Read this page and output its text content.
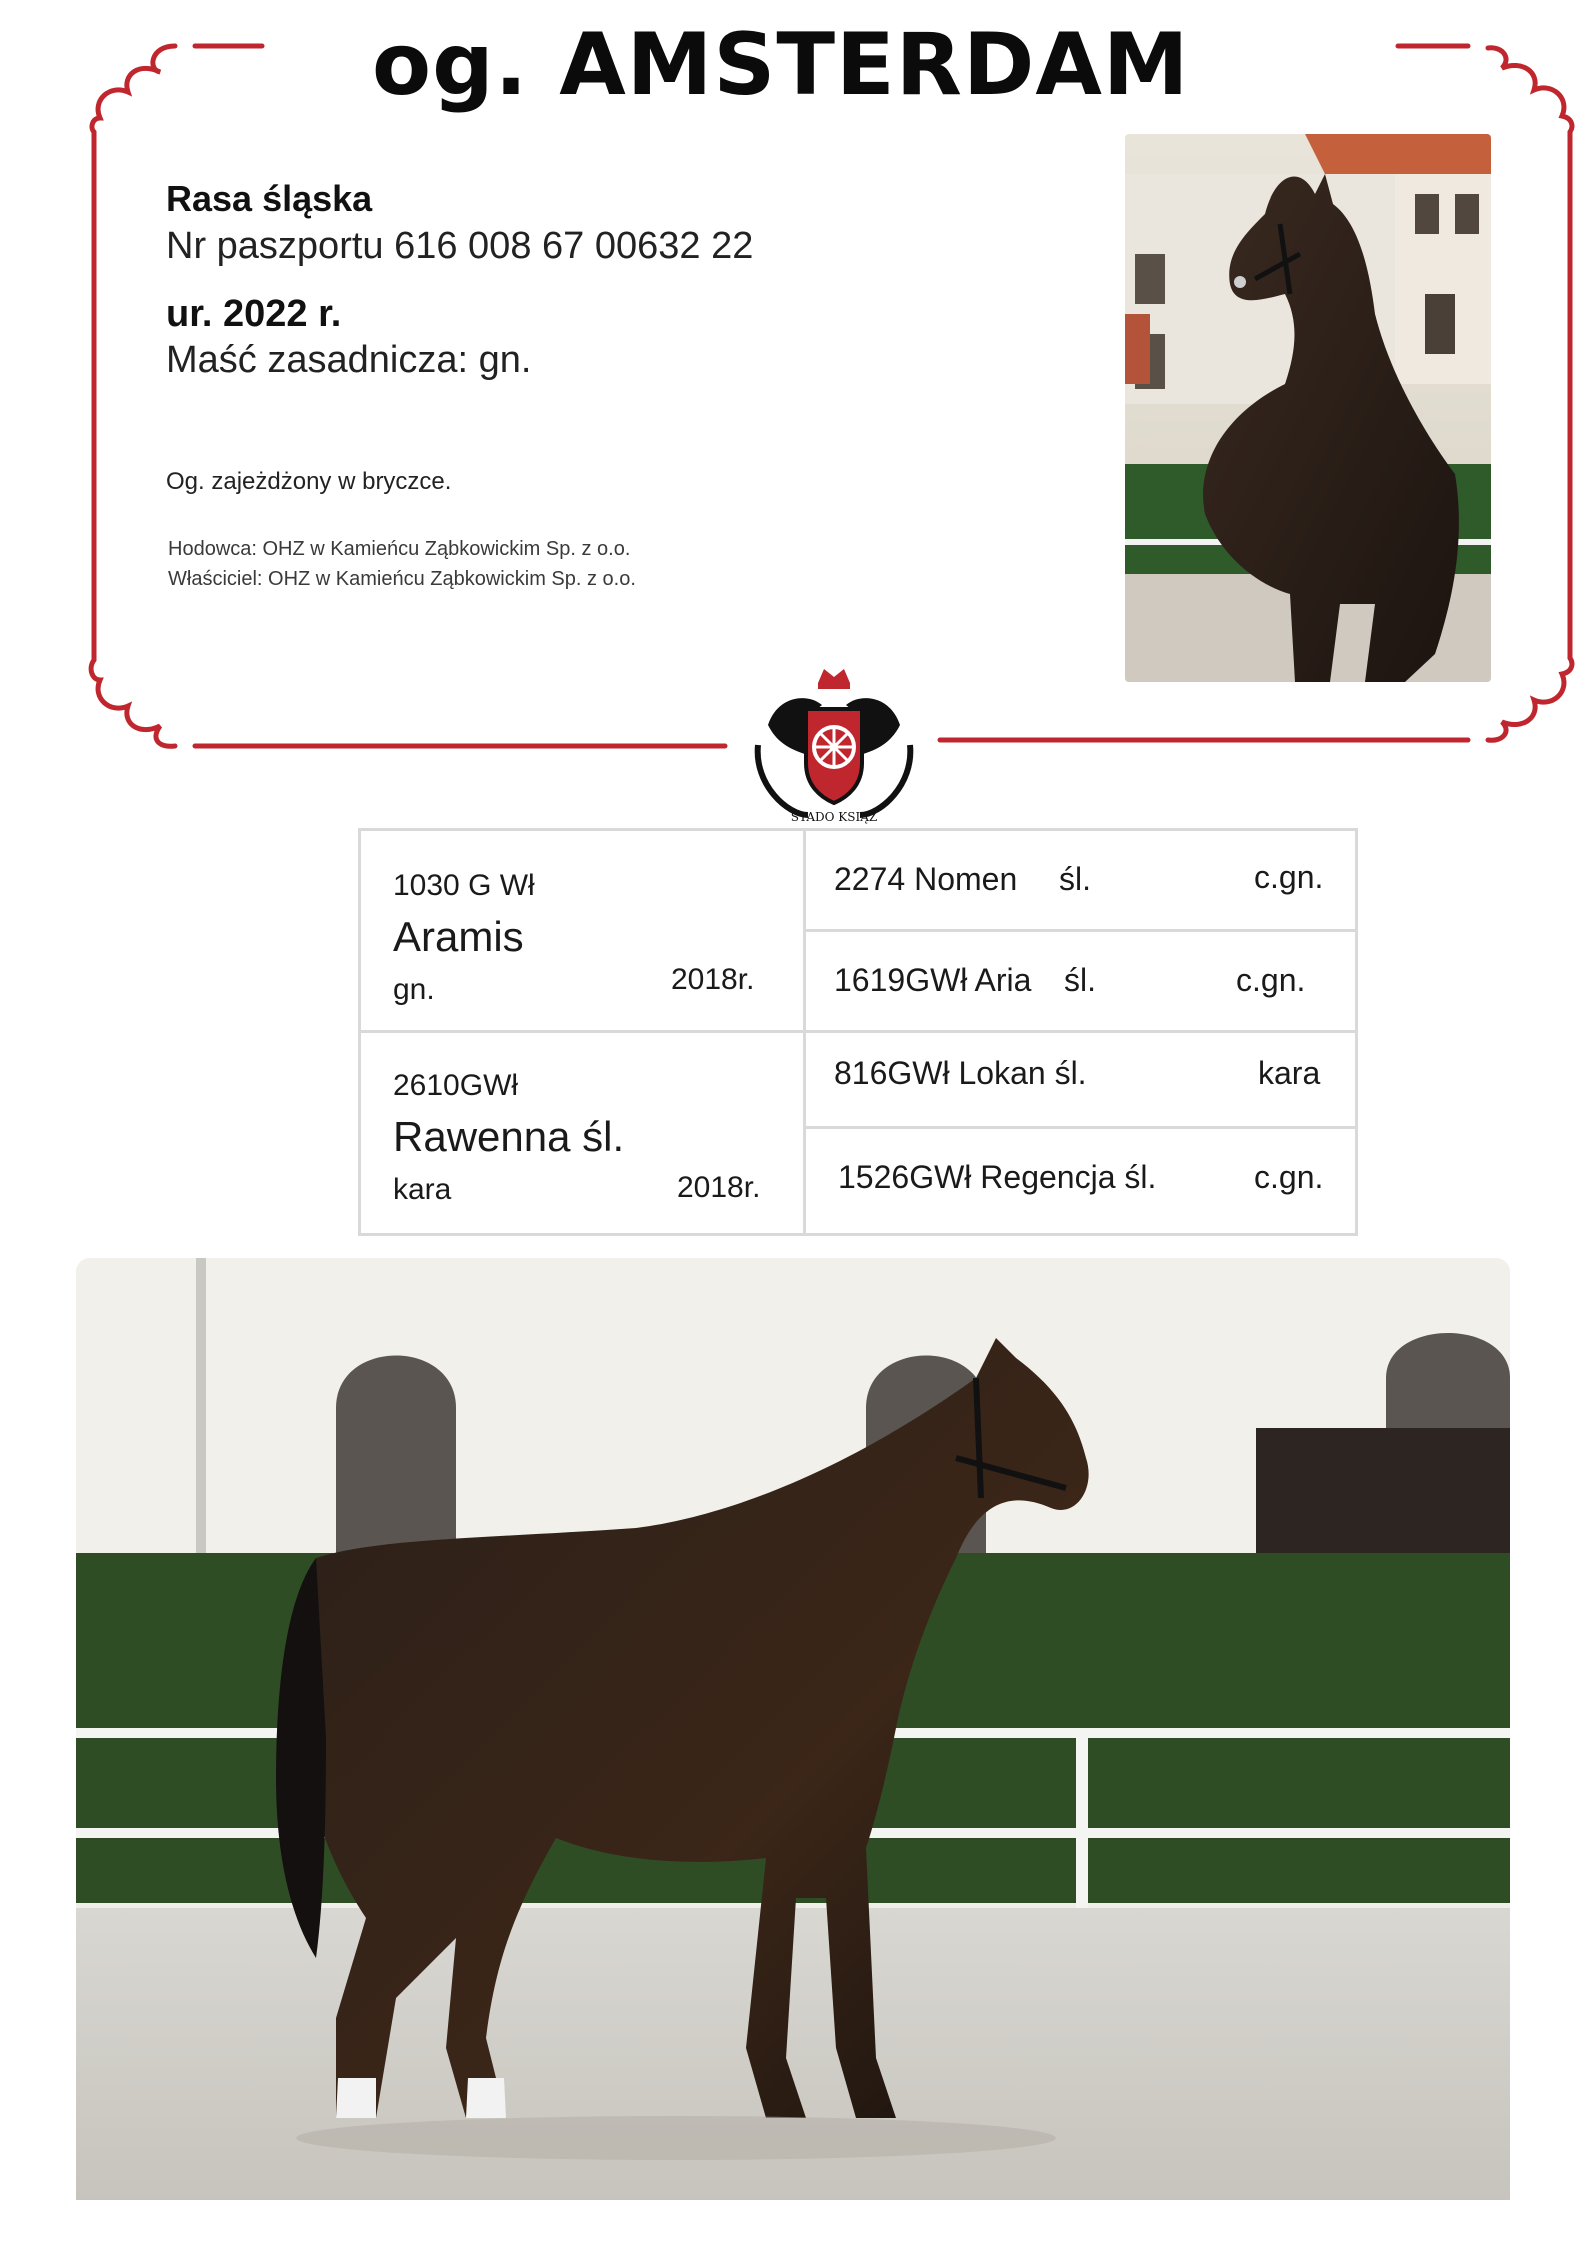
og. AMSTERDAM
Rasa śląska
Nr paszportu 616 008 67 00632 22
ur. 2022 r.
Maść zasadnicza: gn.
Og. zajeżdżony w bryczce.
Hodowca: OHZ w Kamieńcu Ząbkowickim Sp. z o.o.
Właściciel: OHZ w Kamieńcu Ząbkowickim Sp. z o.o.
STADO KSIĄŻ
1030 G Wł
Aramis
gn.	2018r.
2610GWł
Rawenna śl.
kara	2018r.
2274 Nomen śl.	c.gn.
1619GWł Aria śl.	c.gn.
816GWł Lokan śl.	kara
1526GWł Regencja śl.	c.gn.
